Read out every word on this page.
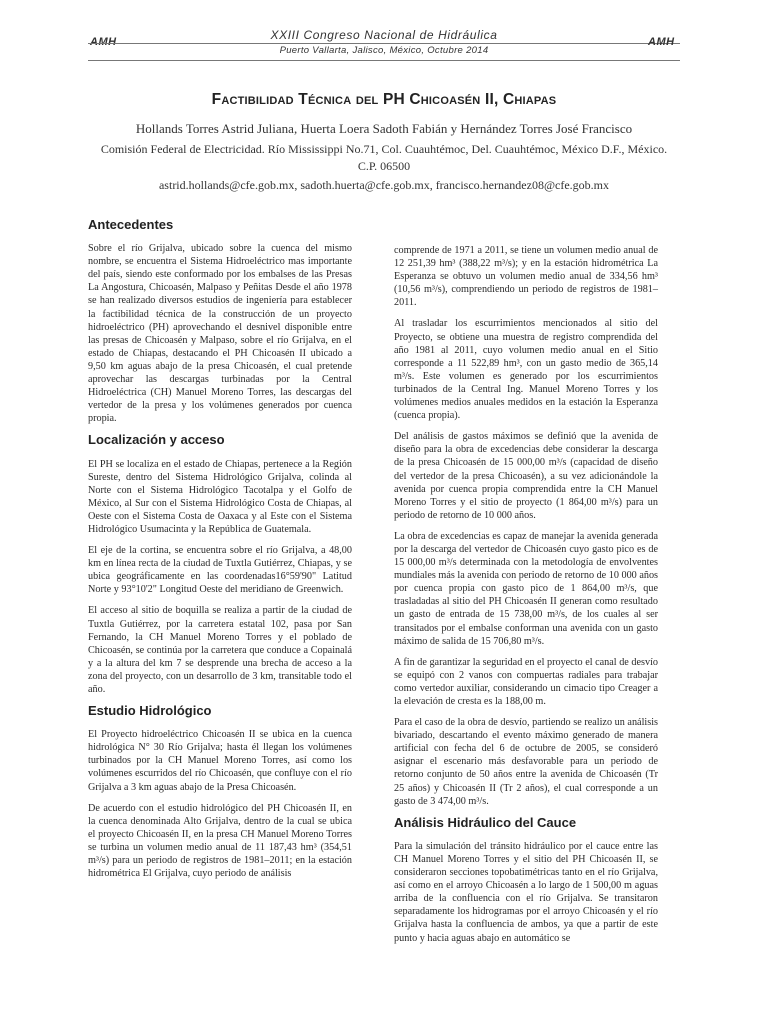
AMH	XXIII Congreso Nacional de Hidráulica
Puerto Vallarta, Jalisco, México, Octubre 2014
AMH
Factibilidad Técnica del PH Chicoasén II, Chiapas
Hollands Torres Astrid Juliana, Huerta Loera Sadoth Fabián y Hernández Torres José Francisco
Comisión Federal de Electricidad. Río Mississippi No.71, Col. Cuauhtémoc, Del. Cuauhtémoc, México D.F., México. C.P. 06500
astrid.hollands@cfe.gob.mx, sadoth.huerta@cfe.gob.mx, francisco.hernandez08@cfe.gob.mx
Antecedentes

Sobre el río Grijalva, ubicado sobre la cuenca del mismo nombre, se encuentra el Sistema Hidroeléctrico mas importante del país, siendo este conformado por los embalses de las Presas La Angostura, Chicoasén, Malpaso y Peñitas Desde el año 1978 se han realizado diversos estudios de ingeniería para establecer la factibilidad técnica de la construcción de un proyecto hidroeléctrico (PH) aprovechando el desnivel disponible entre las presas de Chicoasén y Malpaso, sobre el río Grijalva, en el estado de Chiapas, destacando el PH Chicoasén II ubicado a 9,50 km aguas abajo de la presa Chicoasén, el cual pretende aprovechar las descargas turbinadas por la Central Hidroeléctrica (CH) Manuel Moreno Torres, las descargas del vertedor de la presa y los volúmenes generados por cuenca propia.

Localización y acceso

El PH se localiza en el estado de Chiapas, pertenece a la Región Sureste, dentro del Sistema Hidrológico Grijalva, colinda al Norte con el Sistema Hidrológico Tacotalpa y el Golfo de México, al Sur con el Sistema Hidrológico Costa de Chiapas, al Oeste con el Sistema Costa de Oaxaca y al Este con el Sistema Hidrológico Usumacinta y la República de Guatemala.

El eje de la cortina, se encuentra sobre el río Grijalva, a 48,00 km en línea recta de la ciudad de Tuxtla Gutiérrez, Chiapas, y se ubica geográficamente en las coordenadas16°59'90" Latitud Norte y 93°10'2" Longitud Oeste del meridiano de Greenwich.

El acceso al sitio de boquilla se realiza a partir de la ciudad de Tuxtla Gutiérrez, por la carretera estatal 102, pasa por San Fernando, la CH Manuel Moreno Torres y el poblado de Chicoasén, se continúa por la carretera que conduce a Copainalá y a la altura del km 7 se desprende una brecha de acceso a la zona del proyecto, con un desarrollo de 3 km, transitable todo el año.

Estudio Hidrológico

El Proyecto hidroeléctrico Chicoasén II se ubica en la cuenca hidrológica N° 30 Río Grijalva; hasta él llegan los volúmenes turbinados por la CH Manuel Moreno Torres, así como los volúmenes escurridos del río Chicoasén, que confluye con el río Grijalva a 3 km aguas abajo de la Presa Chicoasén.

De acuerdo con el estudio hidrológico del PH Chicoasén II, en la cuenca denominada Alto Grijalva, dentro de la cual se ubica el proyecto Chicoasén II, en la presa CH Manuel Moreno Torres se turbina un volumen medio anual de 11 187,43 hm³ (354,51 m³/s) para un periodo de registros de 1981–2011; en la estación hidrométrica El Grijalva, cuyo periodo de análisis

comprende de 1971 a 2011, se tiene un volumen medio anual de 12 251,39 hm³ (388,22 m³/s); y en la estación hidrométrica La Esperanza se obtuvo un volumen medio anual de 334,56 hm³ (10,56 m³/s), comprendiendo un periodo de registros de 1981–2011.

Al trasladar los escurrimientos mencionados al sitio del Proyecto, se obtiene una muestra de registro comprendida del año 1981 al 2011, cuyo volumen medio anual en el Sitio corresponde a 11 522,89 hm³, con un gasto medio de 365,14 m³/s. Este volumen es generado por los escurrimientos turbinados de la Central Ing. Manuel Moreno Torres y los volúmenes medios anuales medidos en la estación la Esperanza (cuenca propia).

Del análisis de gastos máximos se definió que la avenida de diseño para la obra de excedencias debe considerar la descarga de la presa Chicoasén de 15 000,00 m³/s (capacidad de diseño del vertedor de la presa Chicoasén), a su vez adicionándole la avenida por cuenca propia comprendida entre la CH Manuel Moreno Torres y el sitio de proyecto (1 864,00 m³/s) para un periodo de retorno de 10 000 años.

La obra de excedencias es capaz de manejar la avenida generada por la descarga del vertedor de Chicoasén cuyo gasto pico es de 15 000,00 m³/s determinada con la metodología de envolventes mundiales más la avenida con periodo de retorno de 10 000 años por cuenca propia con gasto pico de 1 864,00 m³/s, que trasladadas al sitio del PH Chicoasén II generan como resultado un gasto de entrada de 15 738,00 m³/s, de los cuales al ser transitados por el embalse conforman una avenida con un gasto máximo de salida de 15 706,80 m³/s.

A fin de garantizar la seguridad en el proyecto el canal de desvío se equipó con 2 vanos con compuertas radiales para trabajar como vertedor auxiliar, considerando un cimacio tipo Creager a la elevación de cresta es la 188,00 m.

Para el caso de la obra de desvío, partiendo se realizo un análisis bivariado, descartando el evento máximo generado de manera artificial con fecha del 6 de octubre de 2005, se consideró asignar el escenario más desfavorable para un periodo de retorno conjunto de 50 años entre la avenida de Chicoasén (Tr 25 años) y Chicoasén II (Tr 2 años), el cual corresponde a un gasto de 3 474,00 m³/s.

Análisis Hidráulico del Cauce

Para la simulación del tránsito hidráulico por el cauce entre las CH Manuel Moreno Torres y el sitio del PH Chicoasén II, se consideraron secciones topobatimétricas tanto en el río Grijalva, así como en el arroyo Chicoasén a lo largo de 1 500,00 m aguas arriba de la confluencia con el río Grijalva. Se transitaron separadamente los hidrogramas por el arroyo Chicoasén y el río Grijalva hasta la confluencia de ambos, ya que a partir de este punto y hacia aguas abajo en automático se
